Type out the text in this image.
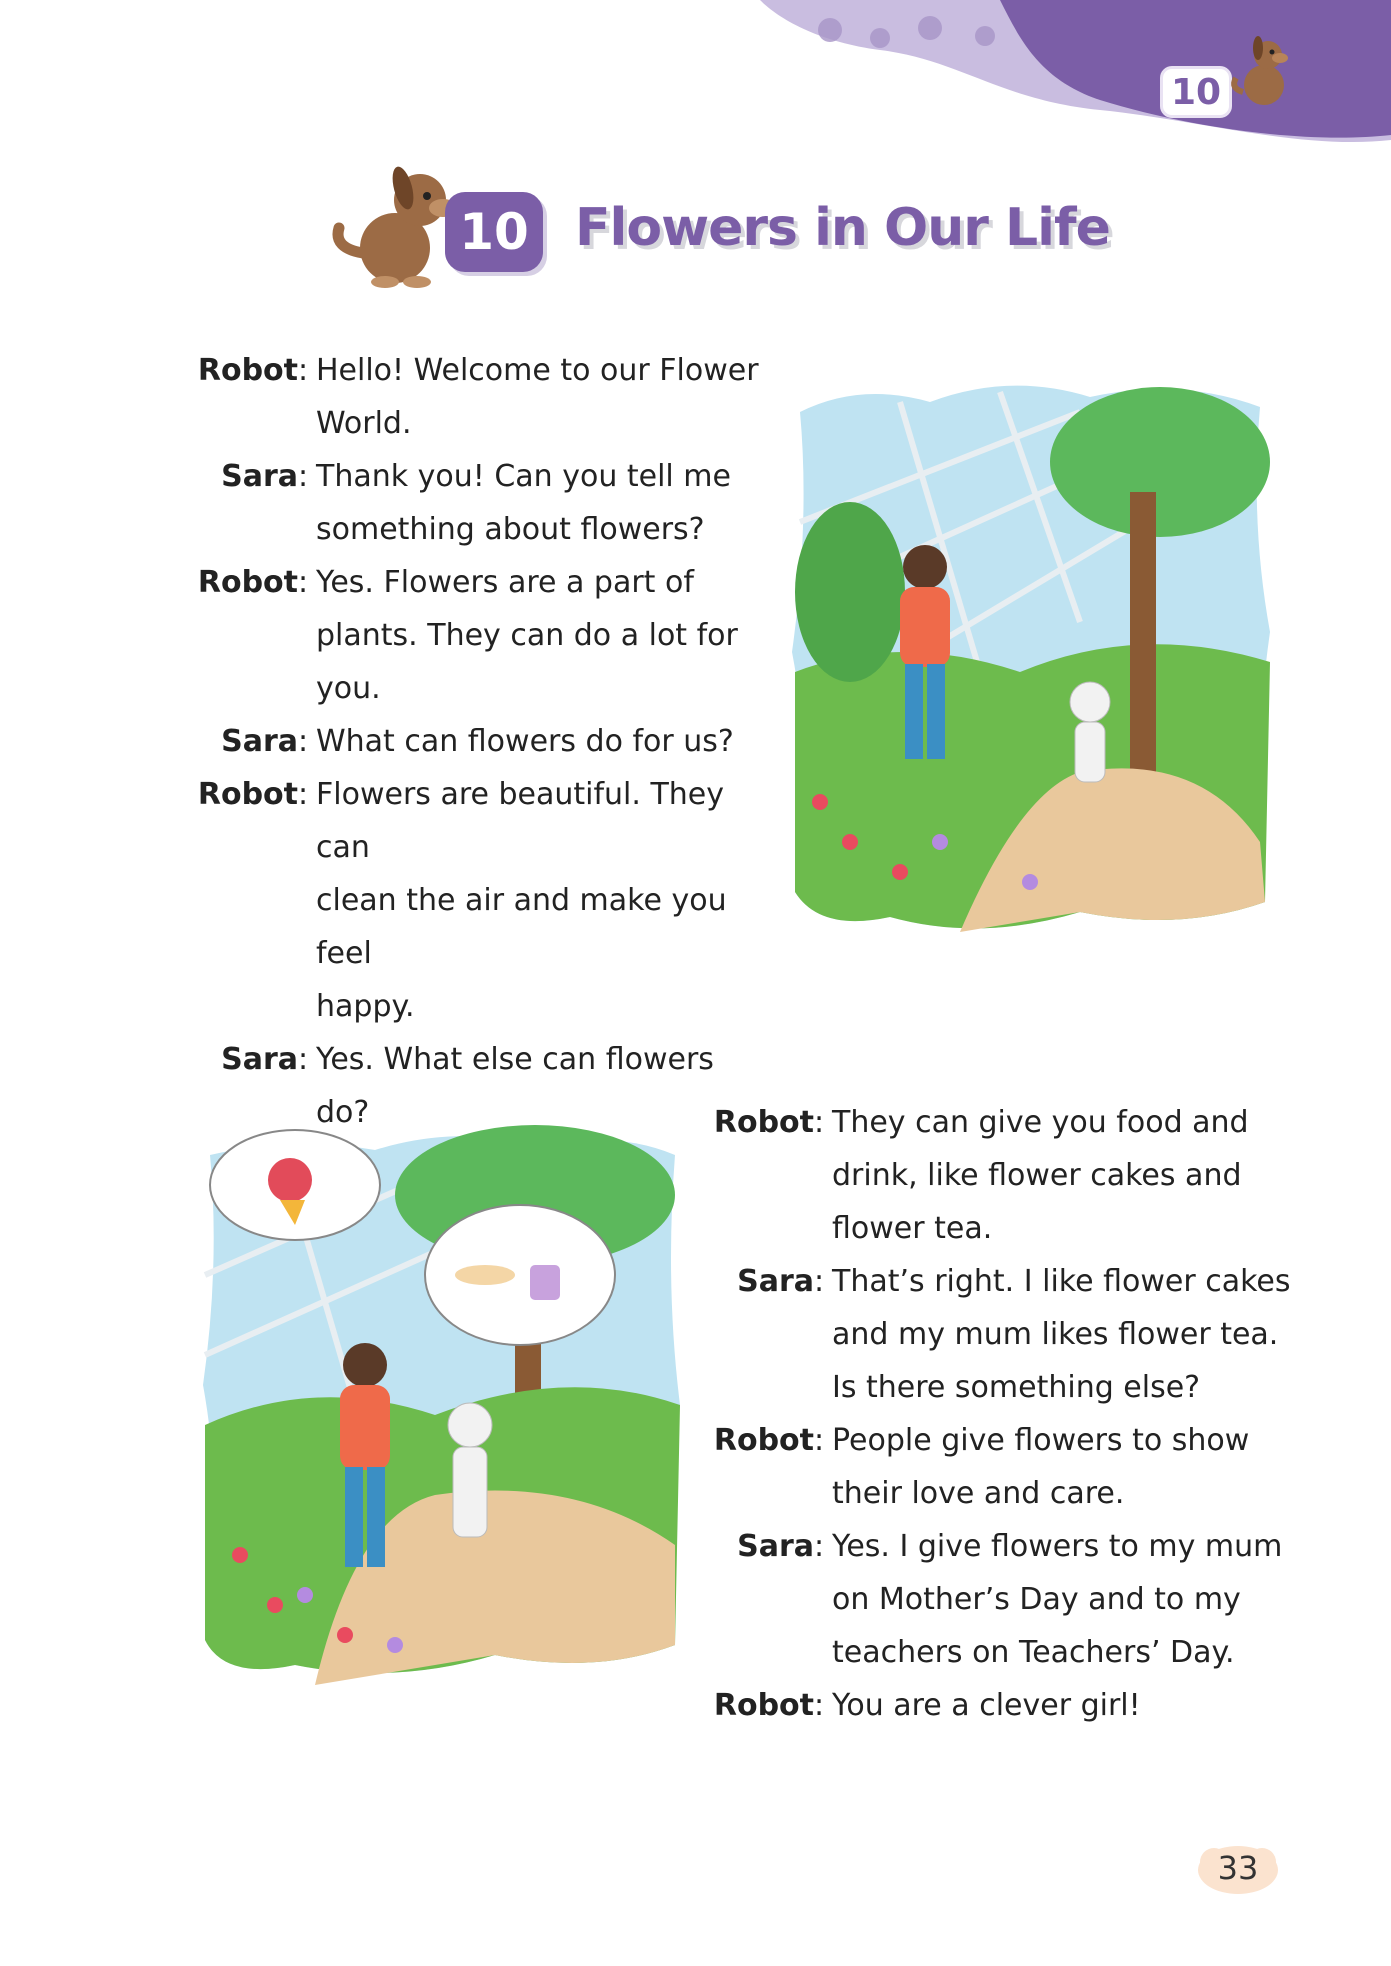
10
10 Flowers in Our Life
Robot : Hello! Welcome to our Flower
World.
Sara : Thank you! Can you tell me
something about flowers?
Robot : Yes. Flowers are a part of
plants. They can do a lot for
you.
Sara : What can flowers do for us?
Robot : Flowers are beautiful. They can
clean the air and make you feel
happy.
Sara : Yes. What else can flowers do?	Robot : They can give you food and
drink, like flower cakes and
flower tea.
Sara : That’s right. I like flower cakes
and my mum likes flower tea.
Is there something else?
Robot : People give flowers to show
their love and care.
Sara : Yes. I give flowers to my mum
on Mother’s Day and to my
teachers on Teachers’ Day.
Robot : You are a clever girl!
33
